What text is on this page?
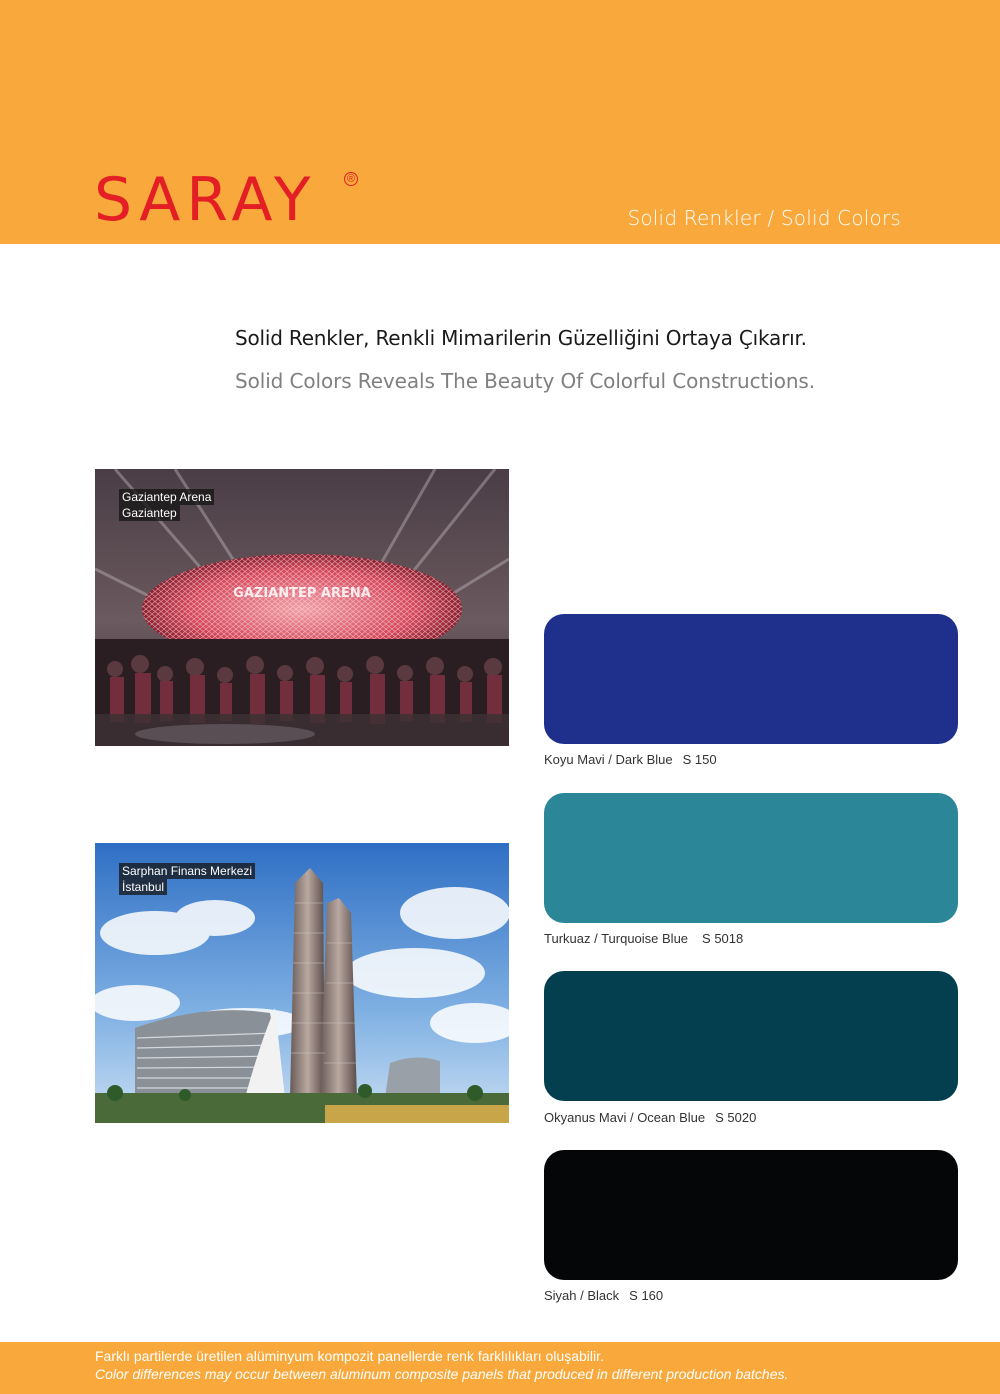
SARAY	®
Solid Renkler / Solid Colors
Solid Renkler, Renkli Mimarilerin Güzelliğini Ortaya Çıkarır.
Solid Colors Reveals The Beauty Of Colorful Constructions.
GAZIANTEP ARENA
Gaziantep Arena
Gaziantep
Sarphan Finans Merkezi
İstanbul
Koyu Mavi / Dark Blue S 150
Turkuaz / Turquoise Blue S 5018
Okyanus Mavi / Ocean Blue S 5020
Siyah / Black S 160
Farklı partilerde üretilen alüminyum kompozit panellerde renk farklılıkları oluşabilir.
Color differences may occur between aluminum composite panels that produced in different production batches.
